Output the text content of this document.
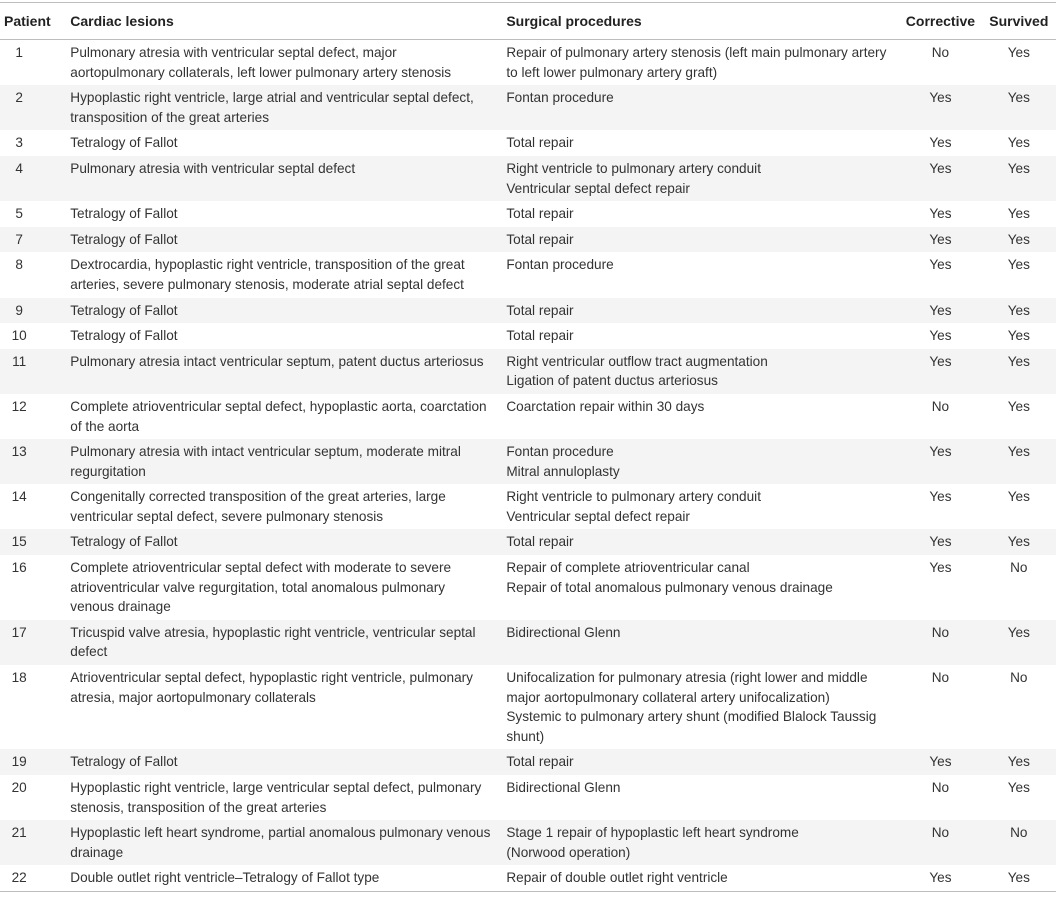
Patient	Cardiac lesions	Surgical procedures	Corrective	Survived
1	Pulmonary atresia with ventricular septal defect, major aortopulmonary collaterals, left lower pulmonary artery stenosis	Repair of pulmonary artery stenosis (left main pulmonary artery to left lower pulmonary artery graft)	No	Yes
2	Hypoplastic right ventricle, large atrial and ventricular septal defect, transposition of the great arteries	Fontan procedure	Yes	Yes
3	Tetralogy of Fallot	Total repair	Yes	Yes
4	Pulmonary atresia with ventricular septal defect	Right ventricle to pulmonary artery conduit
Ventricular septal defect repair	Yes	Yes
5	Tetralogy of Fallot	Total repair	Yes	Yes
7	Tetralogy of Fallot	Total repair	Yes	Yes
8	Dextrocardia, hypoplastic right ventricle, transposition of the great arteries, severe pulmonary stenosis, moderate atrial septal defect	Fontan procedure	Yes	Yes
9	Tetralogy of Fallot	Total repair	Yes	Yes
10	Tetralogy of Fallot	Total repair	Yes	Yes
11	Pulmonary atresia intact ventricular septum, patent ductus arteriosus	Right ventricular outflow tract augmentation
Ligation of patent ductus arteriosus	Yes	Yes
12	Complete atrioventricular septal defect, hypoplastic aorta, coarctation of the aorta	Coarctation repair within 30 days	No	Yes
13	Pulmonary atresia with intact ventricular septum, moderate mitral regurgitation	Fontan procedure
Mitral annuloplasty	Yes	Yes
14	Congenitally corrected transposition of the great arteries, large ventricular septal defect, severe pulmonary stenosis	Right ventricle to pulmonary artery conduit
Ventricular septal defect repair	Yes	Yes
15	Tetralogy of Fallot	Total repair	Yes	Yes
16	Complete atrioventricular septal defect with moderate to severe atrioventricular valve regurgitation, total anomalous pulmonary venous drainage	Repair of complete atrioventricular canal
Repair of total anomalous pulmonary venous drainage	Yes	No
17	Tricuspid valve atresia, hypoplastic right ventricle, ventricular septal defect	Bidirectional Glenn	No	Yes
18	Atrioventricular septal defect, hypoplastic right ventricle, pulmonary atresia, major aortopulmonary collaterals	Unifocalization for pulmonary atresia (right lower and middle major aortopulmonary collateral artery unifocalization)
Systemic to pulmonary artery shunt (modified Blalock Taussig shunt)	No	No
19	Tetralogy of Fallot	Total repair	Yes	Yes
20	Hypoplastic right ventricle, large ventricular septal defect, pulmonary stenosis, transposition of the great arteries	Bidirectional Glenn	No	Yes
21	Hypoplastic left heart syndrome, partial anomalous pulmonary venous drainage	Stage 1 repair of hypoplastic left heart syndrome
(Norwood operation)	No	No
22	Double outlet right ventricle–Tetralogy of Fallot type	Repair of double outlet right ventricle	Yes	Yes
